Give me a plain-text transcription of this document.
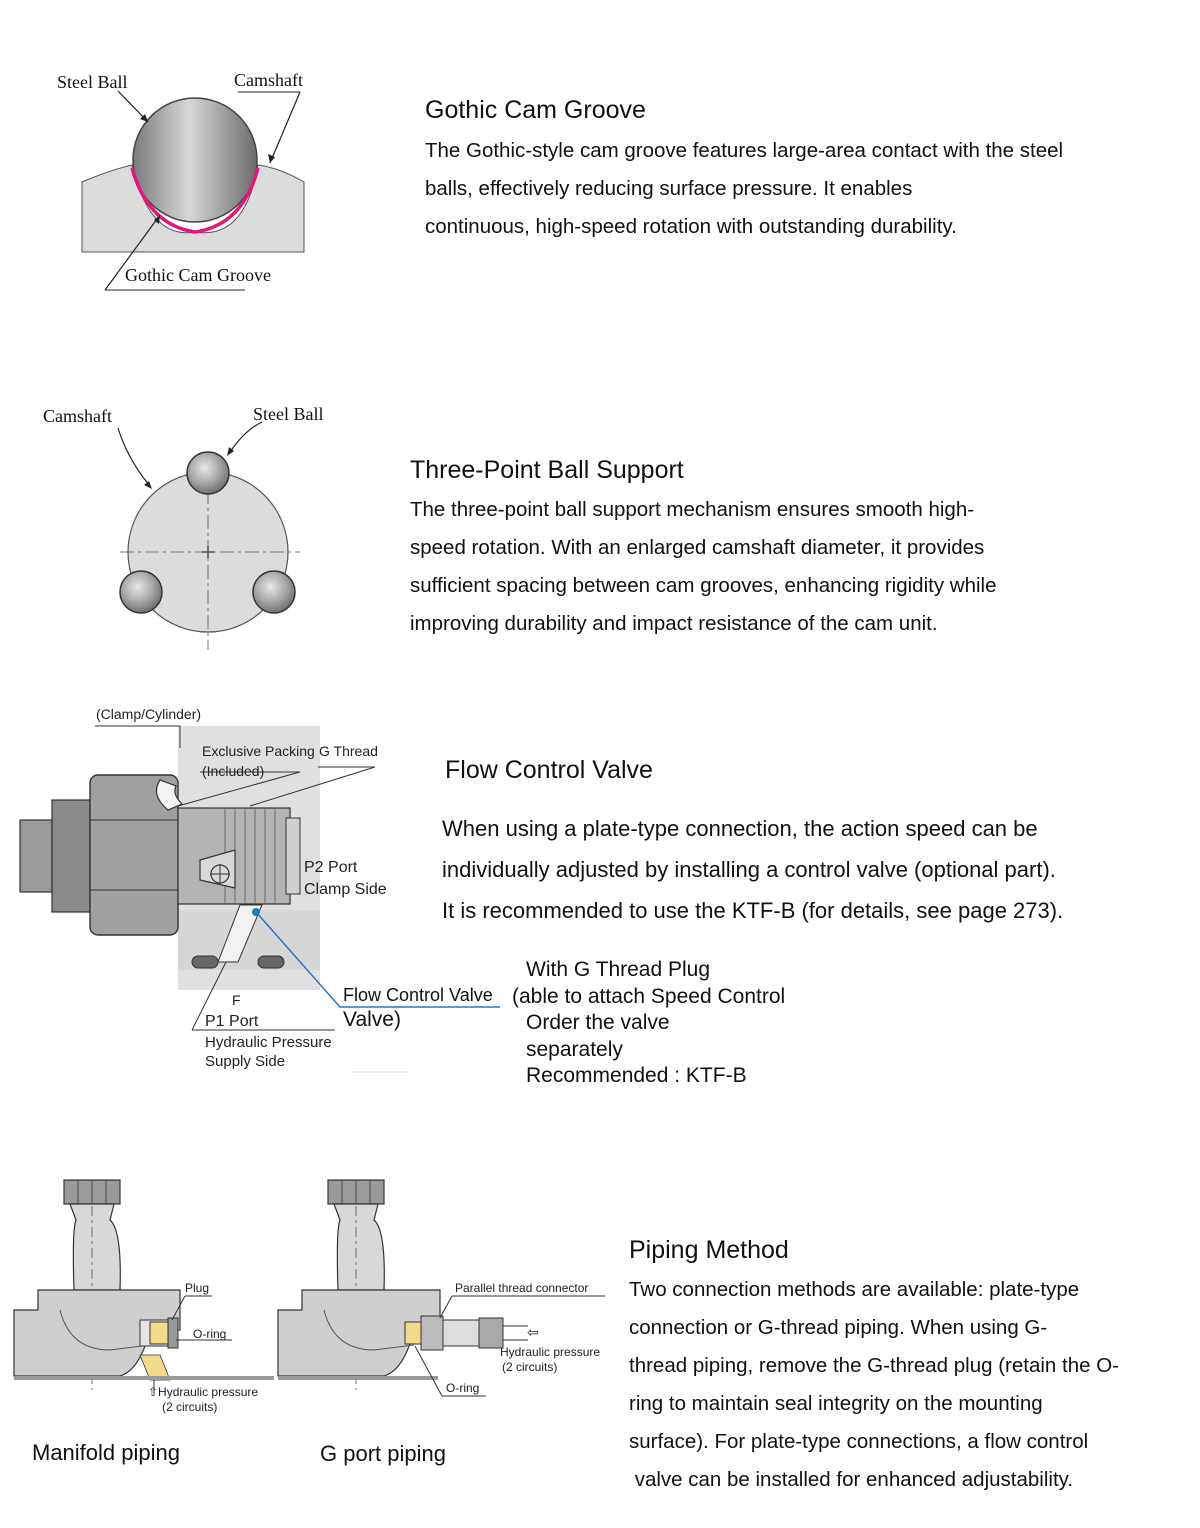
Steel Ball	Camshaft
Gothic Cam Groove
Gothic Cam Groove
The Gothic-style cam groove features large-area contact with the steel
balls, effectively reducing surface pressure. It enables
continuous, high-speed rotation with outstanding durability.
Camshaft	Steel Ball
Three-Point Ball Support
The three-point ball support mechanism ensures smooth high-
speed rotation. With an enlarged camshaft diameter, it provides
sufficient spacing between cam grooves, enhancing rigidity while
improving durability and impact resistance of the cam unit.
(Clamp/Cylinder)
Exclusive Packing
(Included)
G Thread
P2 Port
Clamp Side
F
P1 Port
Hydraulic Pressure
Supply Side
Flow Control Valve
Valve)
With G Thread Plug
(able to attach Speed Control
Order the valve
separately
Recommended : KTF-B
Flow Control Valve
When using a plate-type connection, the action speed can be
individually adjusted by installing a control valve (optional part).
It is recommended to use the KTF-B (for details, see page 273).
Plug
O-ring
⇧Hydraulic pressure
(2 circuits)
Manifold piping
Parallel thread connector
⇦
Hydraulic pressure
(2 circuits)
O-ring
G port piping
Piping Method
Two connection methods are available: plate-type
connection or G-thread piping. When using G-
thread piping, remove the G-thread plug (retain the O-
ring to maintain seal integrity on the mounting
surface). For plate-type connections, a flow control
valve can be installed for enhanced adjustability.
